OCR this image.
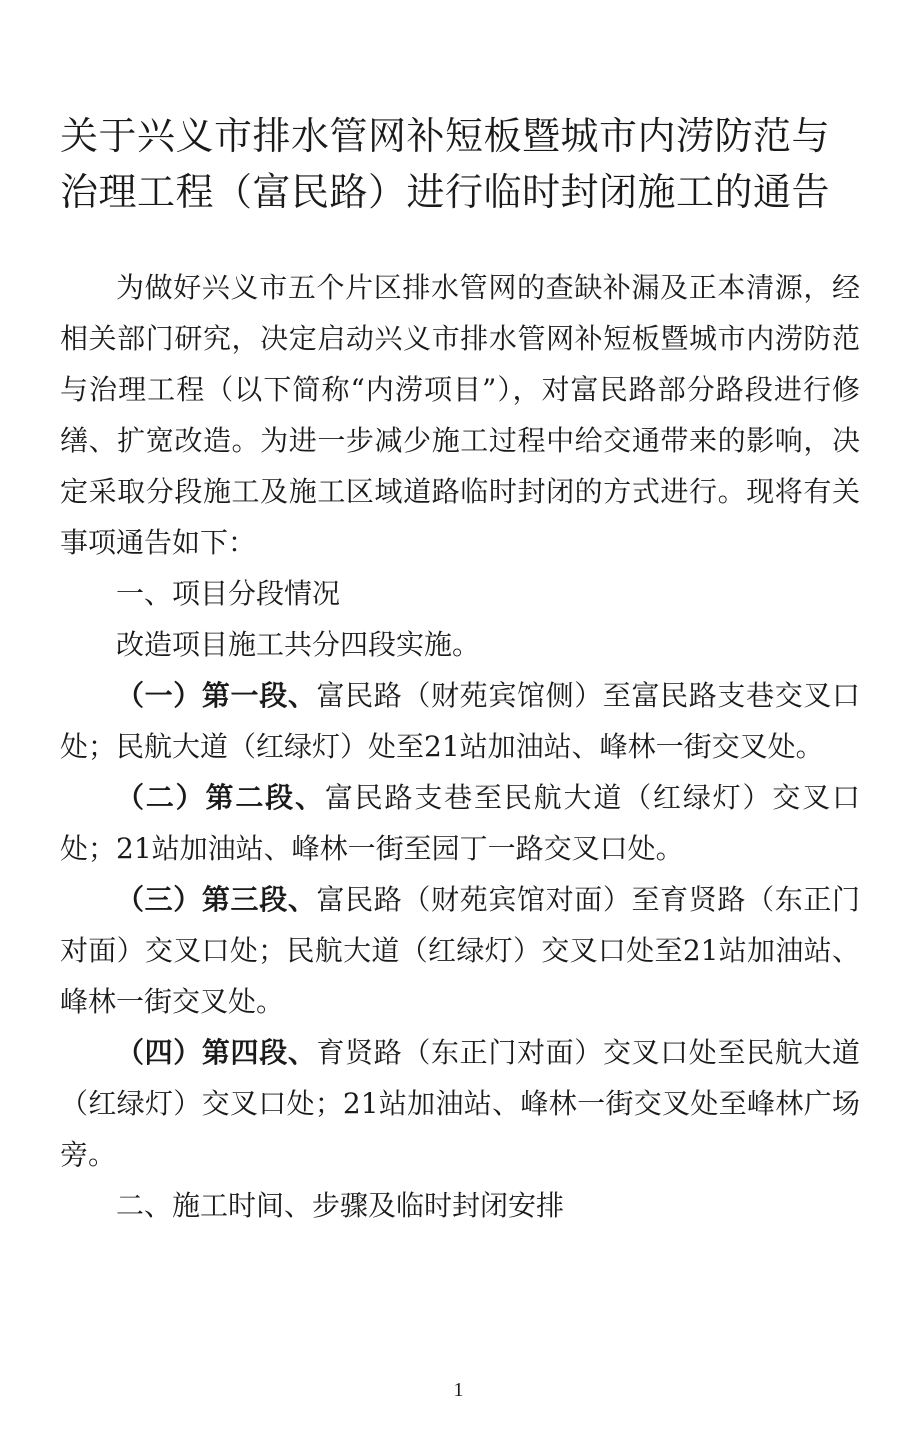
关于兴义市排水管网补短板暨城市内涝防范与治理工程（富民路）进行临时封闭施工的通告

为做好兴义市五个片区排水管网的查缺补漏及正本清源，经相关部门研究，决定启动兴义市排水管网补短板暨城市内涝防范与治理工程（以下简称“内涝项目”），对富民路部分路段进行修缮、扩宽改造。为进一步减少施工过程中给交通带来的影响，决定采取分段施工及施工区域道路临时封闭的方式进行。现将有关事项通告如下：

一、项目分段情况

改造项目施工共分四段实施。

（一）第一段、富民路（财苑宾馆侧）至富民路支巷交叉口处；民航大道（红绿灯）处至21站加油站、峰林一街交叉处。

（二）第二段、富民路支巷至民航大道（红绿灯）交叉口处；21站加油站、峰林一街至园丁一路交叉口处。

（三）第三段、富民路（财苑宾馆对面）至育贤路（东正门对面）交叉口处；民航大道（红绿灯）交叉口处至21站加油站、峰林一街交叉处。

（四）第四段、育贤路（东正门对面）交叉口处至民航大道（红绿灯）交叉口处；21站加油站、峰林一街交叉处至峰林广场旁。

二、施工时间、步骤及临时封闭安排

1
